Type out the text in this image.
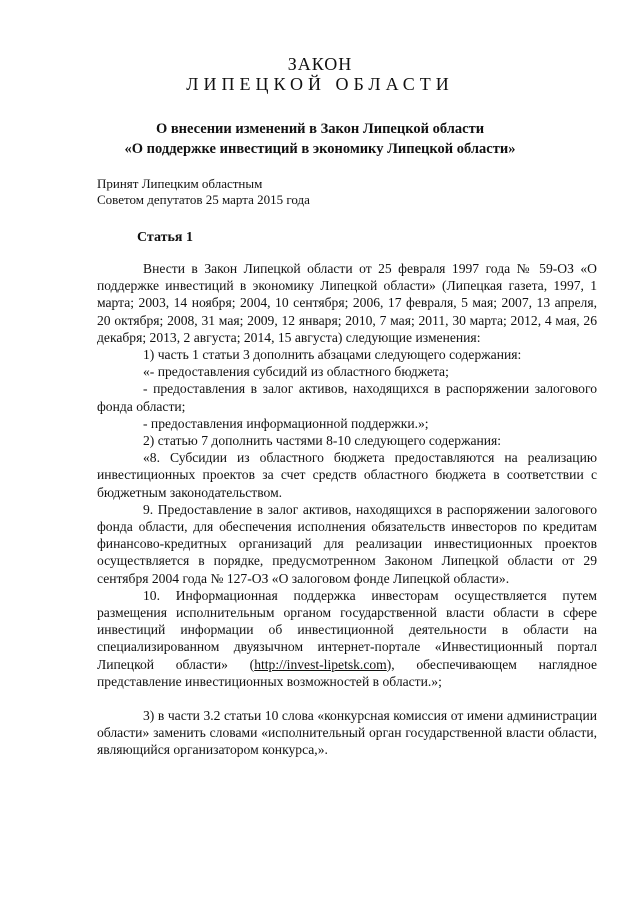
ЗАКОН
ЛИПЕЦКОЙ ОБЛАСТИ
О внесении изменений в Закон Липецкой области
«О поддержке инвестиций в экономику Липецкой области»
Принят Липецким областным
Советом депутатов 25 марта 2015 года
Статья 1

Внести в Закон Липецкой области от 25 февраля 1997 года № 59-ОЗ «О поддержке инвестиций в экономику Липецкой области» (Липецкая газета, 1997, 1 марта; 2003, 14 ноября; 2004, 10 сентября; 2006, 17 февраля, 5 мая; 2007, 13 апреля, 20 октября; 2008, 31 мая; 2009, 12 января; 2010, 7 мая; 2011, 30 марта; 2012, 4 мая, 26 декабря; 2013, 2 августа; 2014, 15 августа) следующие изменения:

1) часть 1 статьи 3 дополнить абзацами следующего содержания:

«- предоставления субсидий из областного бюджета;

- предоставления в залог активов, находящихся в распоряжении залогового фонда области;

- предоставления информационной поддержки.»;

2) статью 7 дополнить частями 8-10 следующего содержания:

«8. Субсидии из областного бюджета предоставляются на реализацию инвестиционных проектов за счет средств областного бюджета в соответствии с бюджетным законодательством.

9. Предоставление в залог активов, находящихся в распоряжении залогового фонда области, для обеспечения исполнения обязательств инвесторов по кредитам финансово-кредитных организаций для реализации инвестиционных проектов осуществляется в порядке, предусмотренном Законом Липецкой области от 29 сентября 2004 года № 127-ОЗ «О залоговом фонде Липецкой области».

10. Информационная поддержка инвесторам осуществляется путем размещения исполнительным органом государственной власти области в сфере инвестиций информации об инвестиционной деятельности в области на специализированном двуязычном интернет-портале «Инвестиционный портал Липецкой области» (http://invest-lipetsk.com), обеспечивающем наглядное представление инвестиционных возможностей в области.»;

3) в части 3.2 статьи 10 слова «конкурсная комиссия от имени администрации области» заменить словами «исполнительный орган государственной власти области, являющийся организатором конкурса,».
